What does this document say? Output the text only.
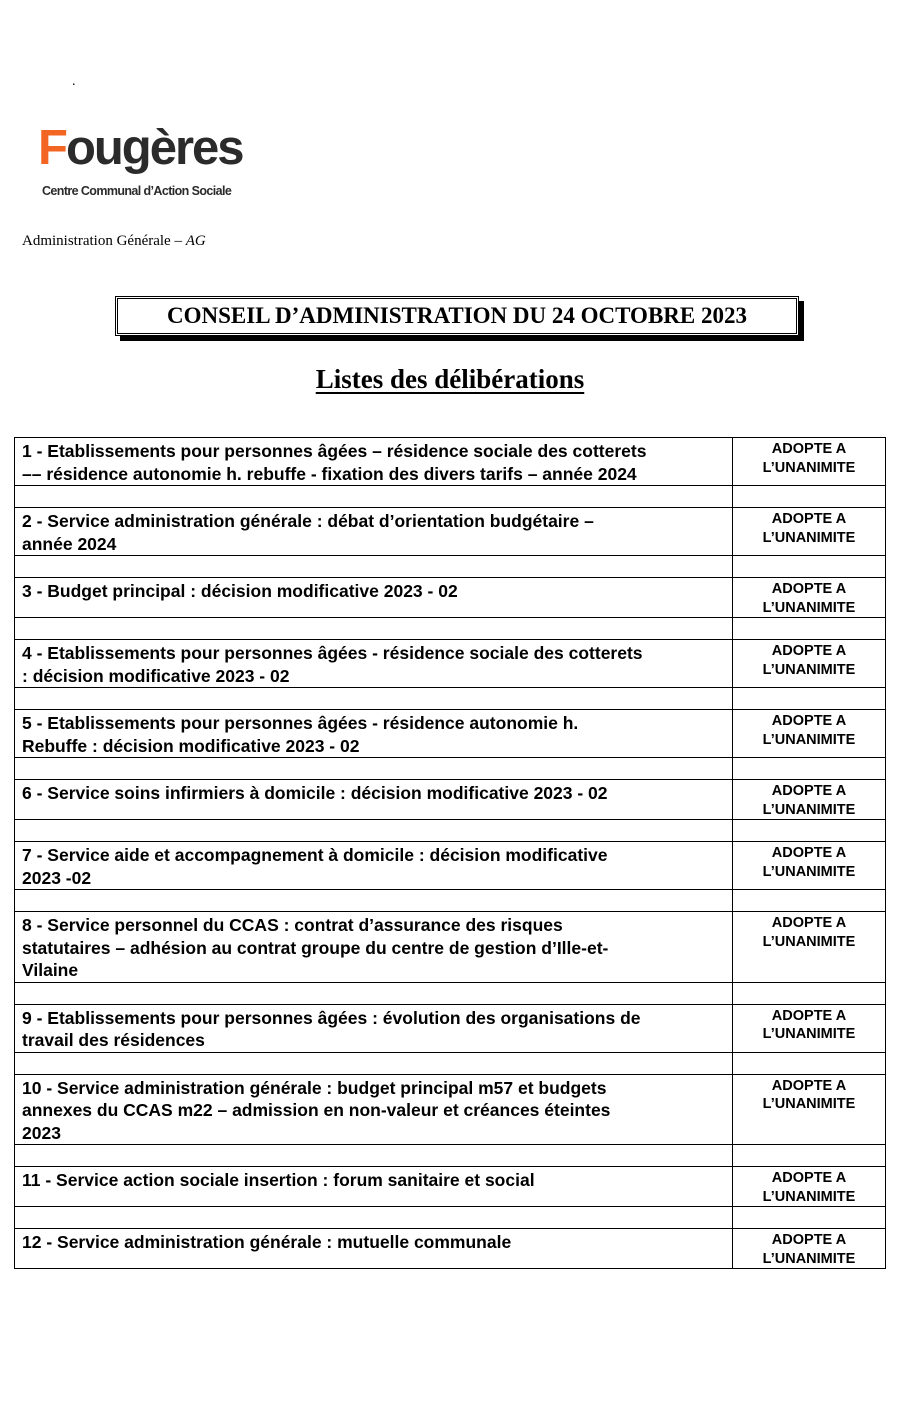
.
Fougères
Centre Communal d’Action Sociale
Administration Générale – AG
CONSEIL D’ADMINISTRATION DU 24 OCTOBRE 2023
Listes des délibérations
1 - Etablissements pour personnes âgées – résidence sociale des cotterets
–– résidence autonomie h. rebuffe - fixation des divers tarifs – année 2024	ADOPTE A
L’UNANIMITE

2 - Service administration générale : débat d’orientation budgétaire –
année 2024	ADOPTE A
L’UNANIMITE

3 - Budget principal : décision modificative 2023 - 02	ADOPTE A
L’UNANIMITE

4 - Etablissements pour personnes âgées - résidence sociale des cotterets
: décision modificative 2023 - 02	ADOPTE A
L’UNANIMITE

5 - Etablissements pour personnes âgées - résidence autonomie h.
Rebuffe : décision modificative 2023 - 02	ADOPTE A
L’UNANIMITE

6 - Service soins infirmiers à domicile : décision modificative 2023 - 02	ADOPTE A
L’UNANIMITE

7 - Service aide et accompagnement à domicile : décision modificative
2023 -02	ADOPTE A
L’UNANIMITE

8 - Service personnel du CCAS : contrat d’assurance des risques
statutaires – adhésion au contrat groupe du centre de gestion d’Ille-et-
Vilaine	ADOPTE A
L’UNANIMITE

9 - Etablissements pour personnes âgées : évolution des organisations de
travail des résidences	ADOPTE A
L’UNANIMITE

10 - Service administration générale : budget principal m57 et budgets
annexes du CCAS m22 – admission en non-valeur et créances éteintes
2023	ADOPTE A
L’UNANIMITE

11 - Service action sociale insertion : forum sanitaire et social	ADOPTE A
L’UNANIMITE

12 - Service administration générale : mutuelle communale	ADOPTE A
L’UNANIMITE
